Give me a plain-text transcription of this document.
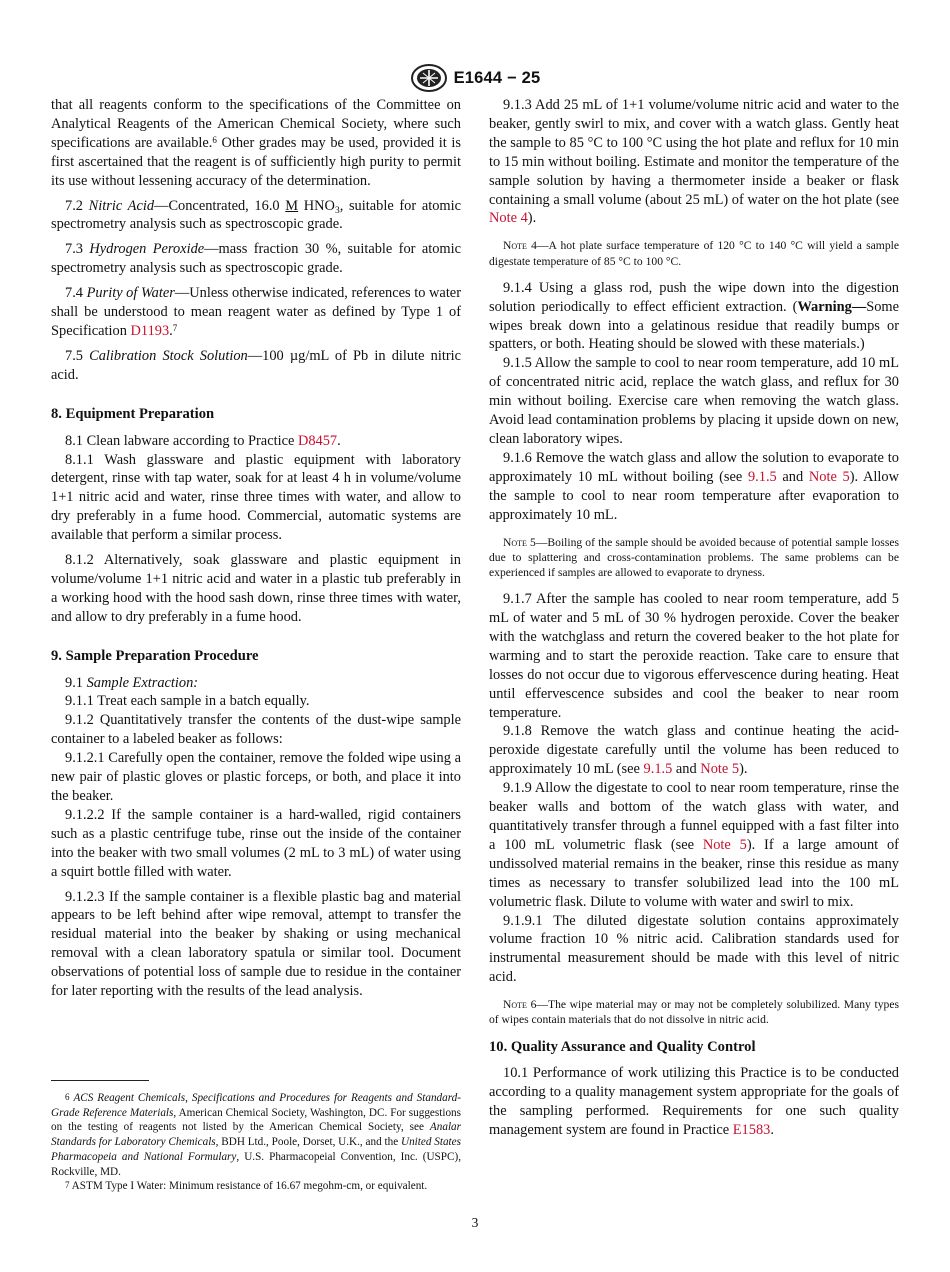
E1644 − 25

that all reagents conform to the specifications of the Committee on Analytical Reagents of the American Chemical Society, where such specifications are available.$^6$ Other grades may be used, provided it is first ascertained that the reagent is of sufficiently high purity to permit its use without lessening accuracy of the determination.

7.2 Nitric Acid—Concentrated, 16.0 M $HNO_3$, suitable for atomic spectrometry analysis such as spectroscopic grade.

7.3 Hydrogen Peroxide—mass fraction 30 %, suitable for atomic spectrometry analysis such as spectroscopic grade.

7.4 Purity of Water—Unless otherwise indicated, references to water shall be understood to mean reagent water as defined by Type 1 of Specification D1193.$^7$

7.5 Calibration Stock Solution—100 µg/mL of Pb in dilute nitric acid.

8. Equipment Preparation

8.1 Clean labware according to Practice D8457.

8.1.1 Wash glassware and plastic equipment with laboratory detergent, rinse with tap water, soak for at least 4 h in volume/volume 1+1 nitric acid and water, rinse three times with water, and allow to dry preferably in a fume hood. Commercial, automatic systems are available that perform a similar process.

8.1.2 Alternatively, soak glassware and plastic equipment in volume/volume 1+1 nitric acid and water in a plastic tub preferably in a working hood with the hood sash down, rinse three times with water, and allow to dry preferably in a fume hood.

9. Sample Preparation Procedure

9.1 Sample Extraction:

9.1.1 Treat each sample in a batch equally.

9.1.2 Quantitatively transfer the contents of the dust-wipe sample container to a labeled beaker as follows:

9.1.2.1 Carefully open the container, remove the folded wipe using a new pair of plastic gloves or plastic forceps, or both, and place it into the beaker.

9.1.2.2 If the sample container is a hard-walled, rigid containers such as a plastic centrifuge tube, rinse out the inside of the container into the beaker with two small volumes (2 mL to 3 mL) of water using a squirt bottle filled with water.

9.1.2.3 If the sample container is a flexible plastic bag and material appears to be left behind after wipe removal, attempt to transfer the residual material into the beaker by shaking or using mechanical removal with a clean laboratory spatula or similar tool. Document observations of potential loss of sample due to residue in the container for later reporting with the results of the lead analysis.

$^6$ ACS Reagent Chemicals, Specifications and Procedures for Reagents and Standard-Grade Reference Materials, American Chemical Society, Washington, DC. For suggestions on the testing of reagents not listed by the American Chemical Society, see Analar Standards for Laboratory Chemicals, BDH Ltd., Poole, Dorset, U.K., and the United States Pharmacopeia and National Formulary, U.S. Pharmacopeial Convention, Inc. (USPC), Rockville, MD.

$^7$ ASTM Type I Water: Minimum resistance of 16.67 megohm-cm, or equivalent.

9.1.3 Add 25 mL of 1+1 volume/volume nitric acid and water to the beaker, gently swirl to mix, and cover with a watch glass. Gently heat the sample to 85 °C to 100 °C using the hot plate and reflux for 10 min to 15 min without boiling. Estimate and monitor the temperature of the sample solution by having a thermometer inside a beaker or flask containing a small volume (about 25 mL) of water on the hot plate (see Note 4).

Note 4—A hot plate surface temperature of 120 °C to 140 °C will yield a sample digestate temperature of 85 °C to 100 °C.

9.1.4 Using a glass rod, push the wipe down into the digestion solution periodically to effect efficient extraction. (Warning—Some wipes break down into a gelatinous residue that readily bumps or spatters, or both. Heating should be slowed with these materials.)

9.1.5 Allow the sample to cool to near room temperature, add 10 mL of concentrated nitric acid, replace the watch glass, and reflux for 30 min without boiling. Exercise care when removing the watch glass. Avoid lead contamination problems by placing it upside down on new, clean laboratory wipes.

9.1.6 Remove the watch glass and allow the solution to evaporate to approximately 10 mL without boiling (see 9.1.5 and Note 5). Allow the sample to cool to near room temperature after evaporation to approximately 10 mL.

Note 5—Boiling of the sample should be avoided because of potential sample losses due to splattering and cross-contamination problems. The same problems can be experienced if samples are allowed to evaporate to dryness.

9.1.7 After the sample has cooled to near room temperature, add 5 mL of water and 5 mL of 30 % hydrogen peroxide. Cover the beaker with the watchglass and return the covered beaker to the hot plate for warming and to start the peroxide reaction. Take care to ensure that losses do not occur due to vigorous effervescence during heating. Heat until effervescence subsides and cool the beaker to near room temperature.

9.1.8 Remove the watch glass and continue heating the acid-peroxide digestate carefully until the volume has been reduced to approximately 10 mL (see 9.1.5 and Note 5).

9.1.9 Allow the digestate to cool to near room temperature, rinse the beaker walls and bottom of the watch glass with water, and quantitatively transfer through a funnel equipped with a fast filter into a 100 mL volumetric flask (see Note 5). If a large amount of undissolved material remains in the beaker, rinse this residue as many times as necessary to transfer solubilized lead into the 100 mL volumetric flask. Dilute to volume with water and swirl to mix.

9.1.9.1 The diluted digestate solution contains approximately volume fraction 10 % nitric acid. Calibration standards used for instrumental measurement should be made with this level of nitric acid.

Note 6—The wipe material may or may not be completely solubilized. Many types of wipes contain materials that do not dissolve in nitric acid.

10. Quality Assurance and Quality Control

10.1 Performance of work utilizing this Practice is to be conducted according to a quality management system appropriate for the goals of the sampling performed. Requirements for one such quality management system are found in Practice E1583.

3
